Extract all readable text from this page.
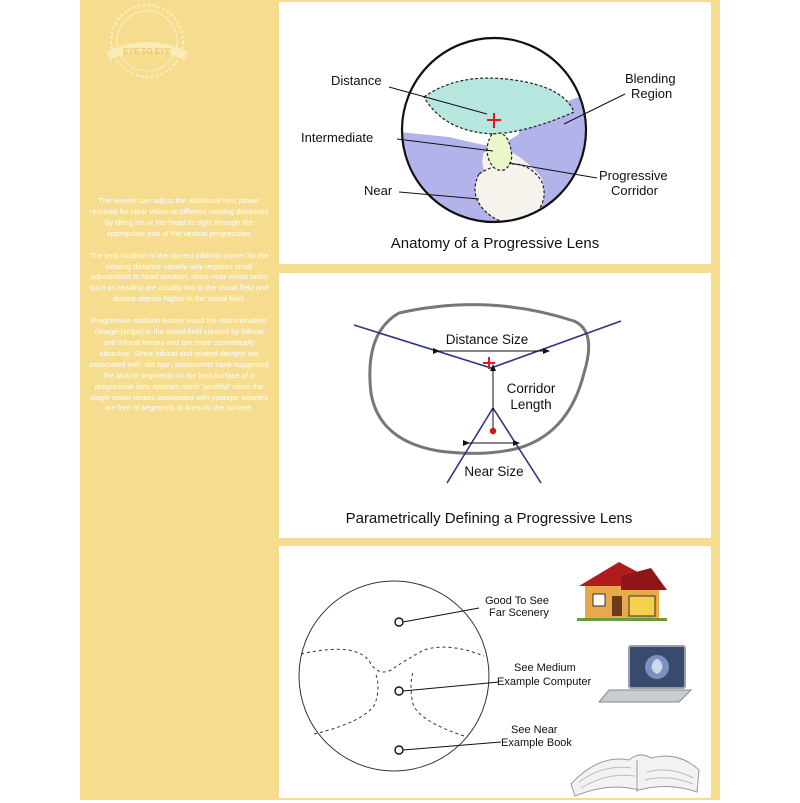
EYE TO EYE

The wearer can adjust the additional lens power required for clear vision at different viewing distances by tilting his or her head to sight through the appropriate part of the vertical progression;

The lens location of the correct addition power for the viewing distance usually only requires small adjustments to head position, since near vision tasks such as reading are usually low in the visual field and distant objects higher in the visual field.

Progressive addition lenses avoid the discontinuities (image-jumps) in the visual field created by bifocal and trifocal lenses and are more cosmetically attractive. Since bifocal and related designs are associated with 'old age', proponents have suggested the lack of segments on the lens surface of a progressive lens appears more 'youthful' since the single vision lenses associated with younger wearers are free of segments or lines on the surface.

Distance
Intermediate
Near
Blending
Region
Progressive
Corridor
Anatomy of a Progressive Lens
Distance Size
Corridor
Length
Near Size
Parametrically Defining a Progressive Lens
Good To See
Far Scenery
See Medium
Example Computer
See Near
Example Book
